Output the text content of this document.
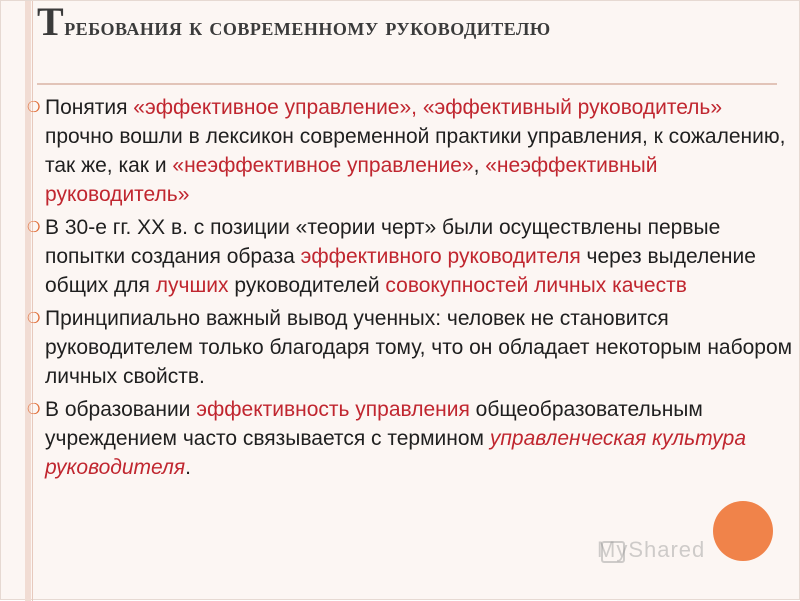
Требования к современному руководителю
❍ Понятия «эффективное управление», «эффективный руководитель» прочно вошли в лексикон современной практики управления, к сожалению, так же, как и «неэффективное управление», «неэффективный руководитель»
❍ В 30-е гг. XX в. с позиции «теории черт» были осуществлены первые попытки создания образа эффективного руководителя через выделение общих для лучших руководителей совокупностей личных качеств
❍ Принципиально важный вывод ученных: человек не становится руководителем только благодаря тому, что он обладает некоторым набором личных свойств.
❍ В образовании эффективность управления общеобразовательным учреждением часто связывается с термином управленческая культура руководителя.
MyShared
